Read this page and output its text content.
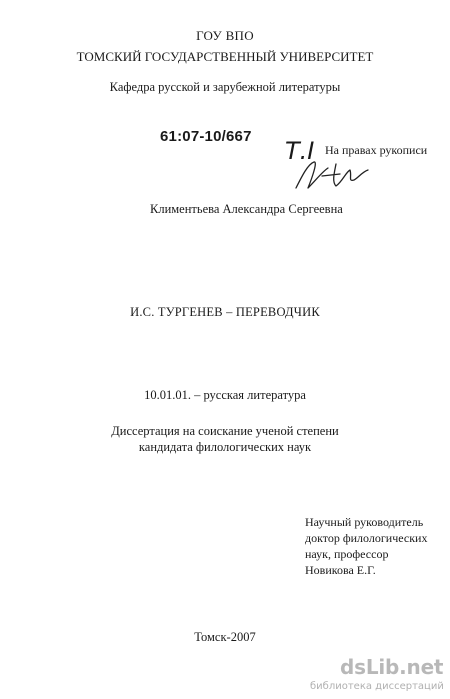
ГОУ ВПО
ТОМСКИЙ ГОСУДАРСТВЕННЫЙ УНИВЕРСИТЕТ
Кафедра русской и зарубежной литературы
61:07-10/667
Т.I На правах рукописи
Климентьева Александра Сергеевна
И.С. ТУРГЕНЕВ – ПЕРЕВОДЧИК
10.01.01. – русская литература
Диссертация на соискание ученой степени
кандидата филологических наук
Научный руководитель
доктор филологических
наук, профессор
Новикова Е.Г.
Томск-2007
dsLib.net
библиотека диссертаций
